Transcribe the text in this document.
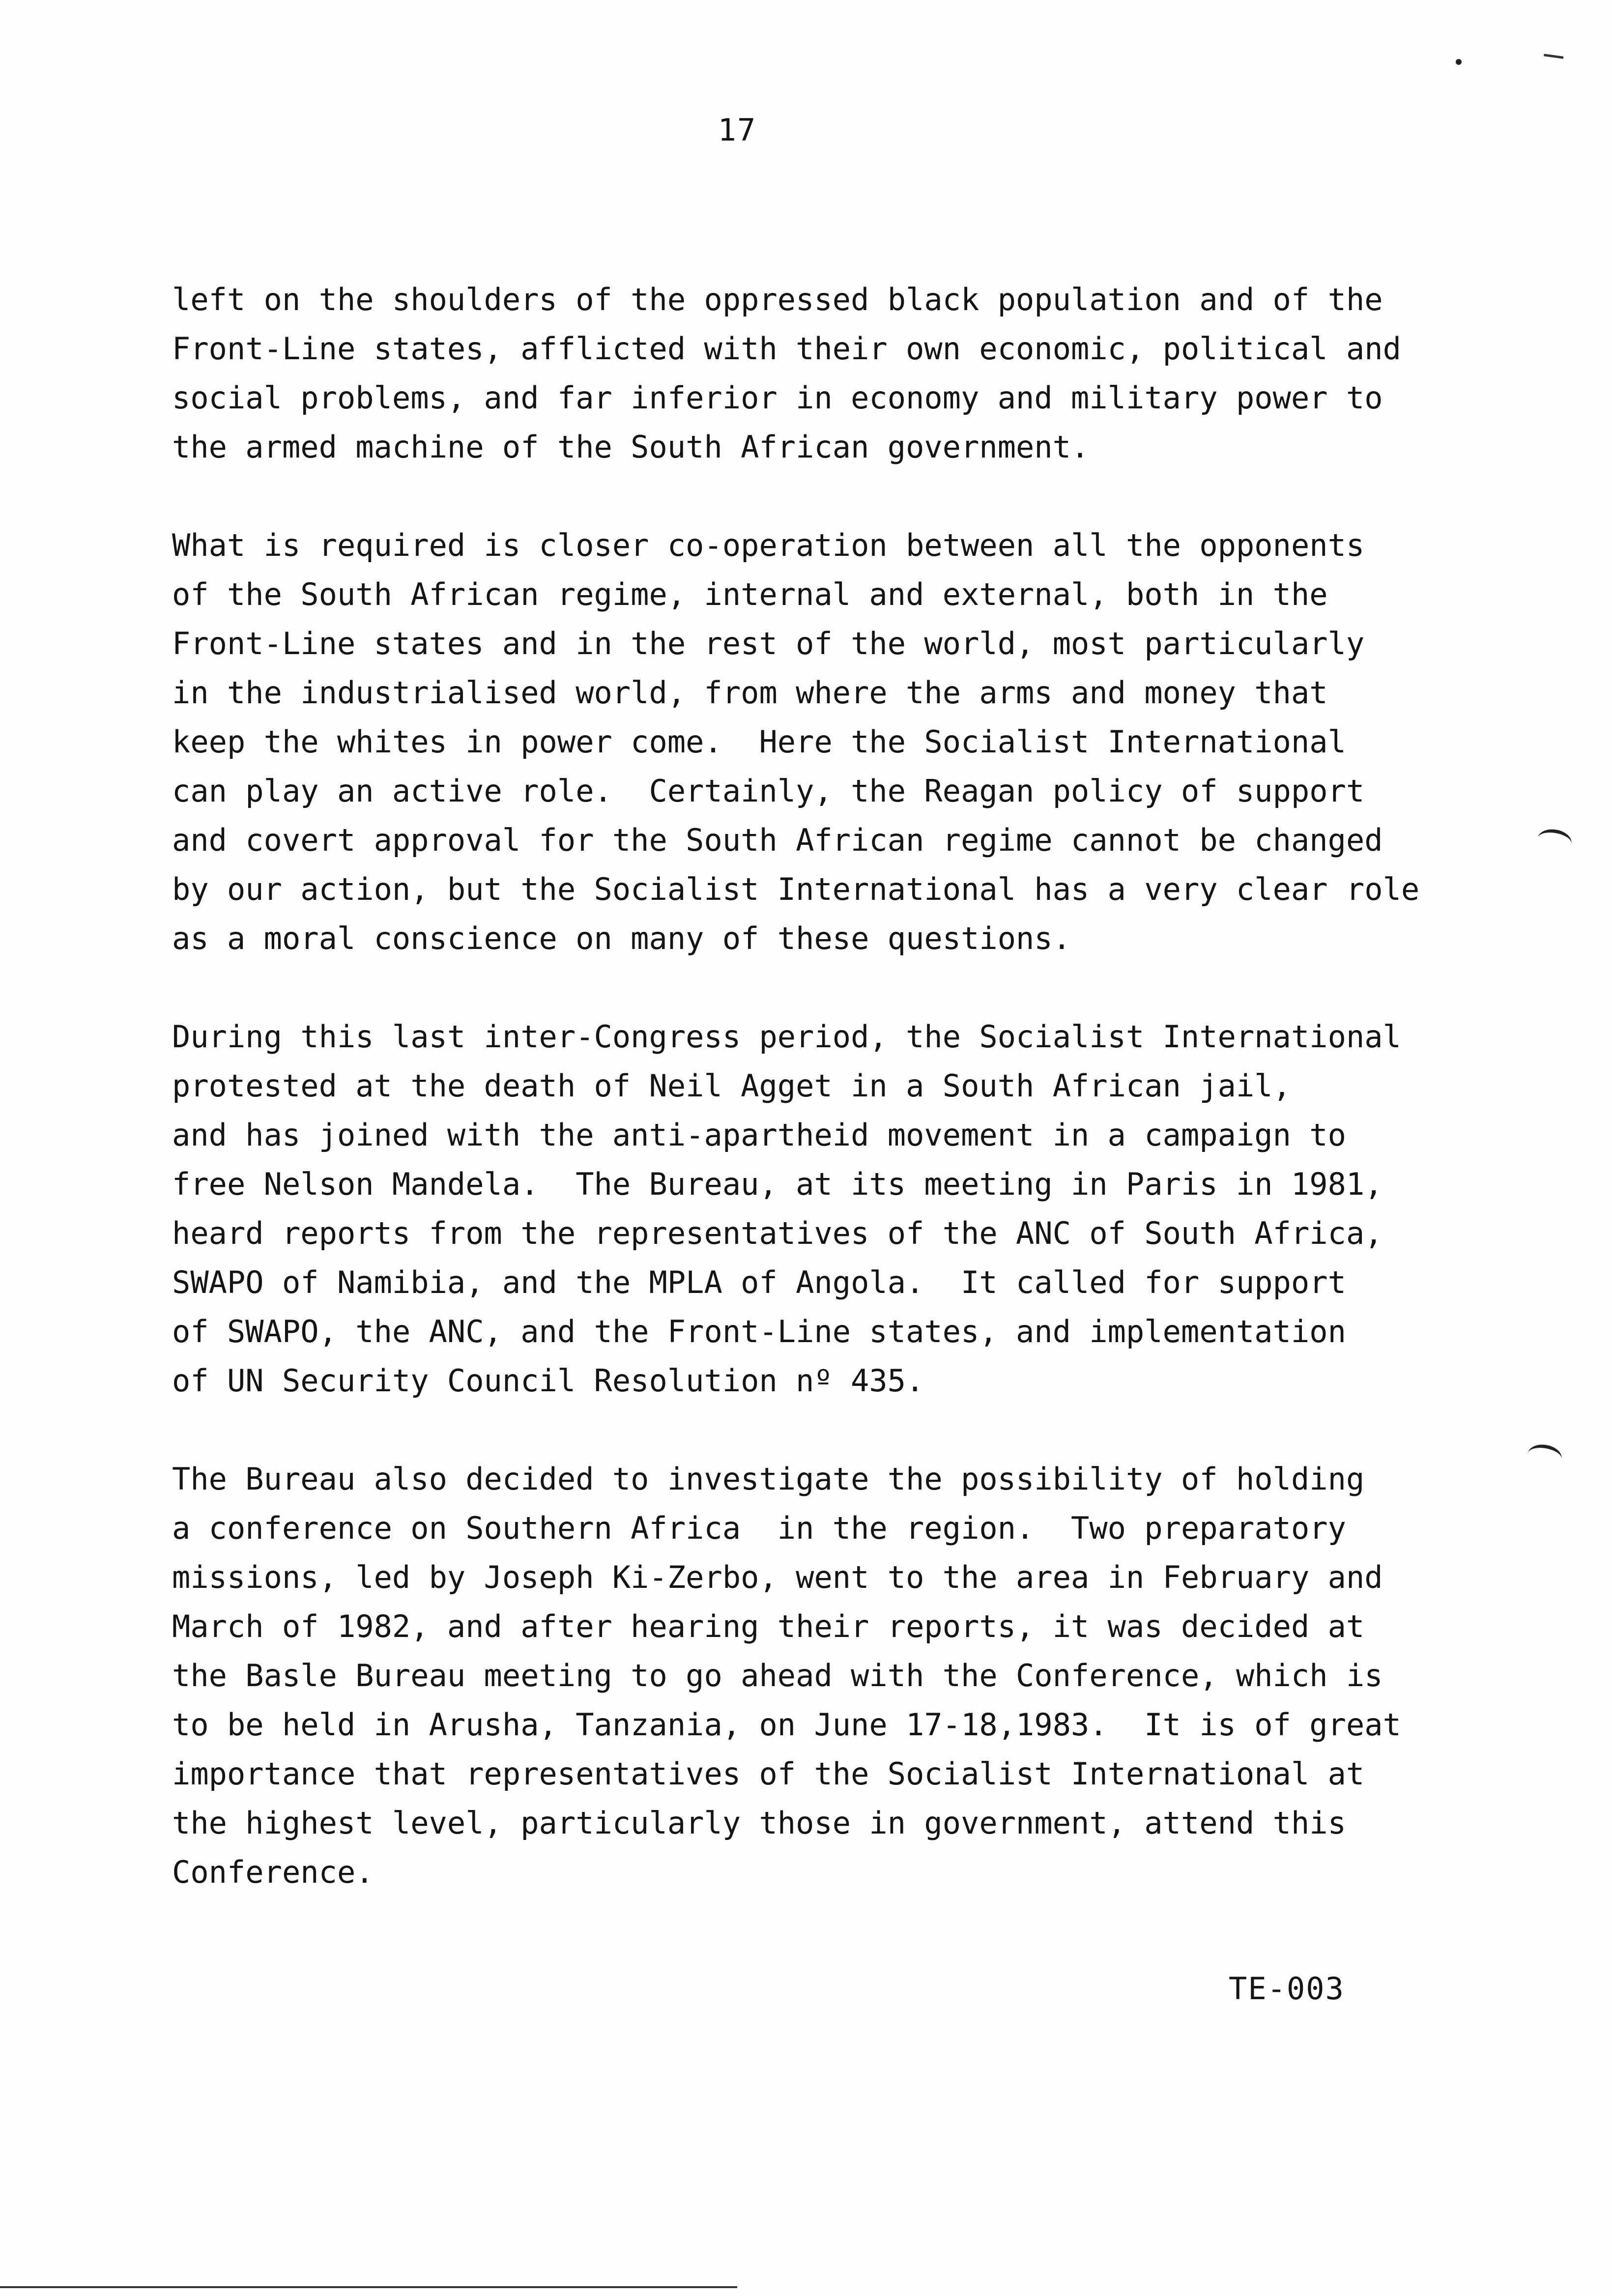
17
left on the shoulders of the oppressed black population and of the
Front-Line states, afflicted with their own economic, political and
social problems, and far inferior in economy and military power to
the armed machine of the South African government.
What is required is closer co-operation between all the opponents
of the South African regime, internal and external, both in the
Front-Line states and in the rest of the world, most particularly
in the industrialised world, from where the arms and money that
keep the whites in power come.  Here the Socialist International
can play an active role.  Certainly, the Reagan policy of support
and covert approval for the South African regime cannot be changed
by our action, but the Socialist International has a very clear role
as a moral conscience on many of these questions.
During this last inter-Congress period, the Socialist International
protested at the death of Neil Agget in a South African jail,
and has joined with the anti-apartheid movement in a campaign to
free Nelson Mandela.  The Bureau, at its meeting in Paris in 1981,
heard reports from the representatives of the ANC of South Africa,
SWAPO of Namibia, and the MPLA of Angola.  It called for support
of SWAPO, the ANC, and the Front-Line states, and implementation
of UN Security Council Resolution nº 435.
The Bureau also decided to investigate the possibility of holding
a conference on Southern Africa  in the region.  Two preparatory
missions, led by Joseph Ki-Zerbo, went to the area in February and
March of 1982, and after hearing their reports, it was decided at
the Basle Bureau meeting to go ahead with the Conference, which is
to be held in Arusha, Tanzania, on June 17-18,1983.  It is of great
importance that representatives of the Socialist International at
the highest level, particularly those in government, attend this
Conference.
TE-003
